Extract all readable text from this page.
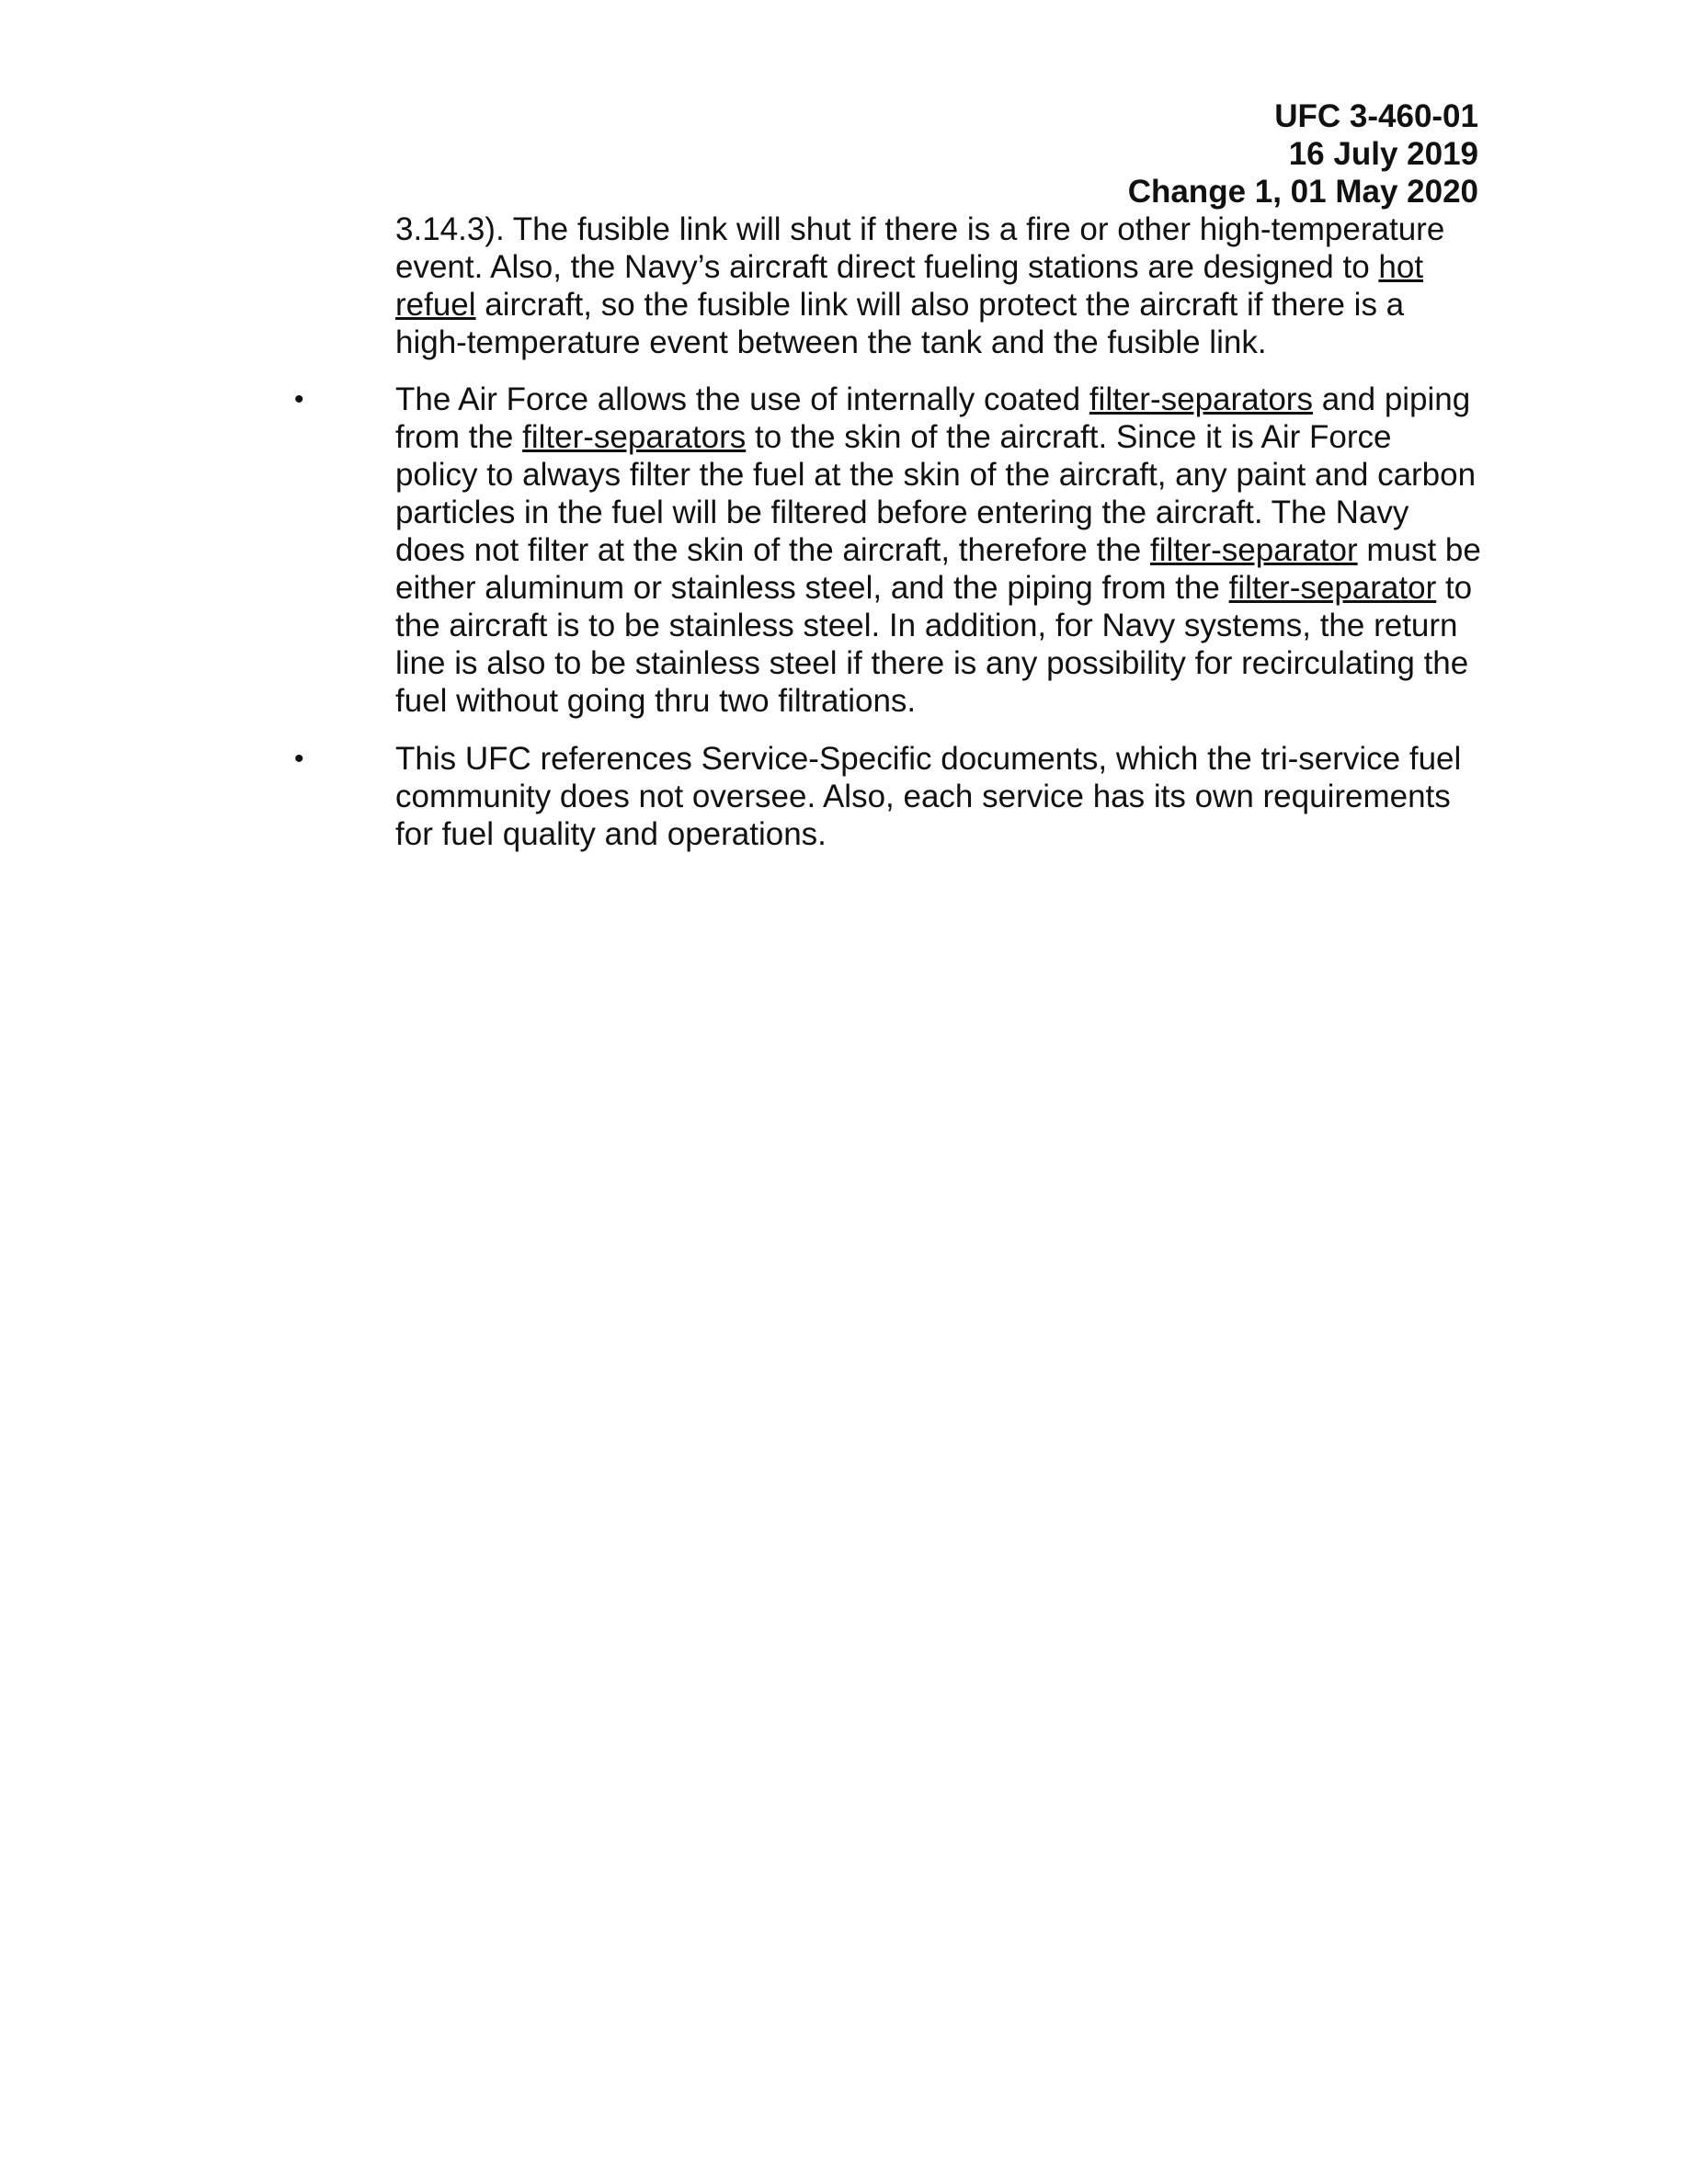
UFC 3-460-01
16 July 2019
Change 1, 01 May 2020
3.14.3). The fusible link will shut if there is a fire or other high-temperature event. Also, the Navy’s aircraft direct fueling stations are designed to hot refuel aircraft, so the fusible link will also protect the aircraft if there is a high-temperature event between the tank and the fusible link.
•	The Air Force allows the use of internally coated filter-separators and piping from the filter-separators to the skin of the aircraft. Since it is Air Force policy to always filter the fuel at the skin of the aircraft, any paint and carbon particles in the fuel will be filtered before entering the aircraft. The Navy does not filter at the skin of the aircraft, therefore the filter-separator must be either aluminum or stainless steel, and the piping from the filter-separator to the aircraft is to be stainless steel. In addition, for Navy systems, the return line is also to be stainless steel if there is any possibility for recirculating the fuel without going thru two filtrations.
•	This UFC references Service-Specific documents, which the tri-service fuel community does not oversee. Also, each service has its own requirements for fuel quality and operations.
